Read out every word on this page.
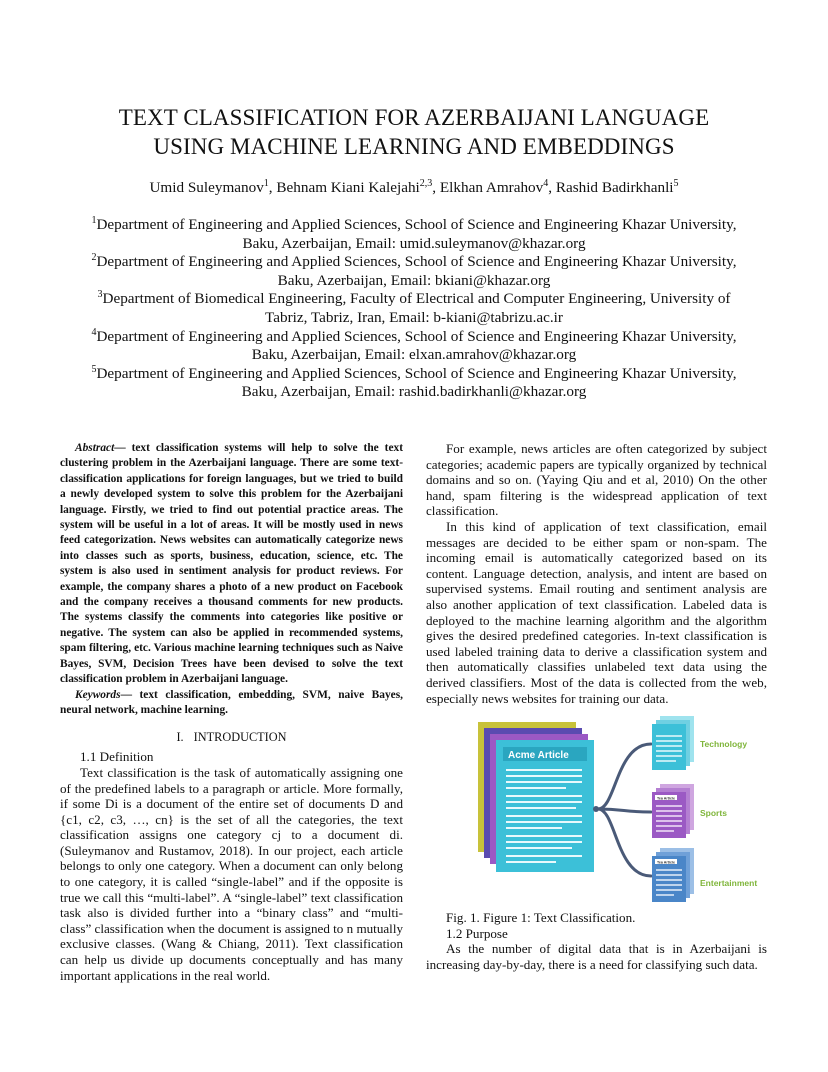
TEXT CLASSIFICATION FOR AZERBAIJANI LANGUAGE
USING MACHINE LEARNING AND EMBEDDINGS
Umid Suleymanov$^1$, Behnam Kiani Kalejahi$^{2,3}$, Elkhan Amrahov$^4$, Rashid Badirkhanli$^5$
$^1$Department of Engineering and Applied Sciences, School of Science and Engineering Khazar University,
Baku, Azerbaijan, Email: umid.suleymanov@khazar.org
$^2$Department of Engineering and Applied Sciences, School of Science and Engineering Khazar University,
Baku, Azerbaijan, Email: bkiani@khazar.org
$^3$Department of Biomedical Engineering, Faculty of Electrical and Computer Engineering, University of
Tabriz, Tabriz, Iran, Email: b-kiani@tabrizu.ac.ir
$^4$Department of Engineering and Applied Sciences, School of Science and Engineering Khazar University,
Baku, Azerbaijan, Email: elxan.amrahov@khazar.org
$^5$Department of Engineering and Applied Sciences, School of Science and Engineering Khazar University,
Baku, Azerbaijan, Email: rashid.badirkhanli@khazar.org

Abstract— text classification systems will help to solve the text clustering problem in the Azerbaijani language. There are some text-classification applications for foreign languages, but we tried to build a newly developed system to solve this problem for the Azerbaijani language. Firstly, we tried to find out potential practice areas. The system will be useful in a lot of areas. It will be mostly used in news feed categorization. News websites can automatically categorize news into classes such as sports, business, education, science, etc. The system is also used in sentiment analysis for product reviews. For example, the company shares a photo of a new product on Facebook and the company receives a thousand comments for new products. The systems classify the comments into categories like positive or negative. The system can also be applied in recommended systems, spam filtering, etc. Various machine learning techniques such as Naive Bayes, SVM, Decision Trees have been devised to solve the text classification problem in Azerbaijani language.

Keywords— text classification, embedding, SVM, naive Bayes, neural network, machine learning.

I. INTRODUCTION

1.1 Definition

Text classification is the task of automatically assigning one of the predefined labels to a paragraph or article. More formally, if some Di is a document of the entire set of documents D and {c1, c2, c3, …, cn} is the set of all the categories, the text classification assigns one category cj to a document di. (Suleymanov and Rustamov, 2018). In our project, each article belongs to only one category. When a document can only belong to one category, it is called “single-label” and if the opposite is true we call this “multi-label”. A “single-label” text classification task also is divided further into a “binary class” and “multi-class” classification when the document is assigned to n mutually exclusive classes. (Wang & Chiang, 2011). Text classification can help us divide up documents conceptually and has many important applications in the real world.

For example, news articles are often categorized by subject categories; academic papers are typically organized by technical domains and so on. (Yaying Qiu and et al, 2010) On the other hand, spam filtering is the widespread application of text classification.

In this kind of application of text classification, email messages are decided to be either spam or non-spam. The incoming email is automatically categorized based on its content. Language detection, analysis, and intent are based on supervised systems. Email routing and sentiment analysis are also another application of text classification. Labeled data is deployed to the machine learning algorithm and the algorithm gives the desired predefined categories. In-text classification is used labeled training data to derive a classification system and then automatically classifies unlabeled text data using the derived classifiers. Most of the data is collected from the web, especially news websites for training our data.

Acme Article
Technology
Tea Article
Sports
Tea Article
Entertainment

Fig. 1. Figure 1: Text Classification.

1.2 Purpose

As the number of digital data that is in Azerbaijani is increasing day-by-day, there is a need for classifying such data.
